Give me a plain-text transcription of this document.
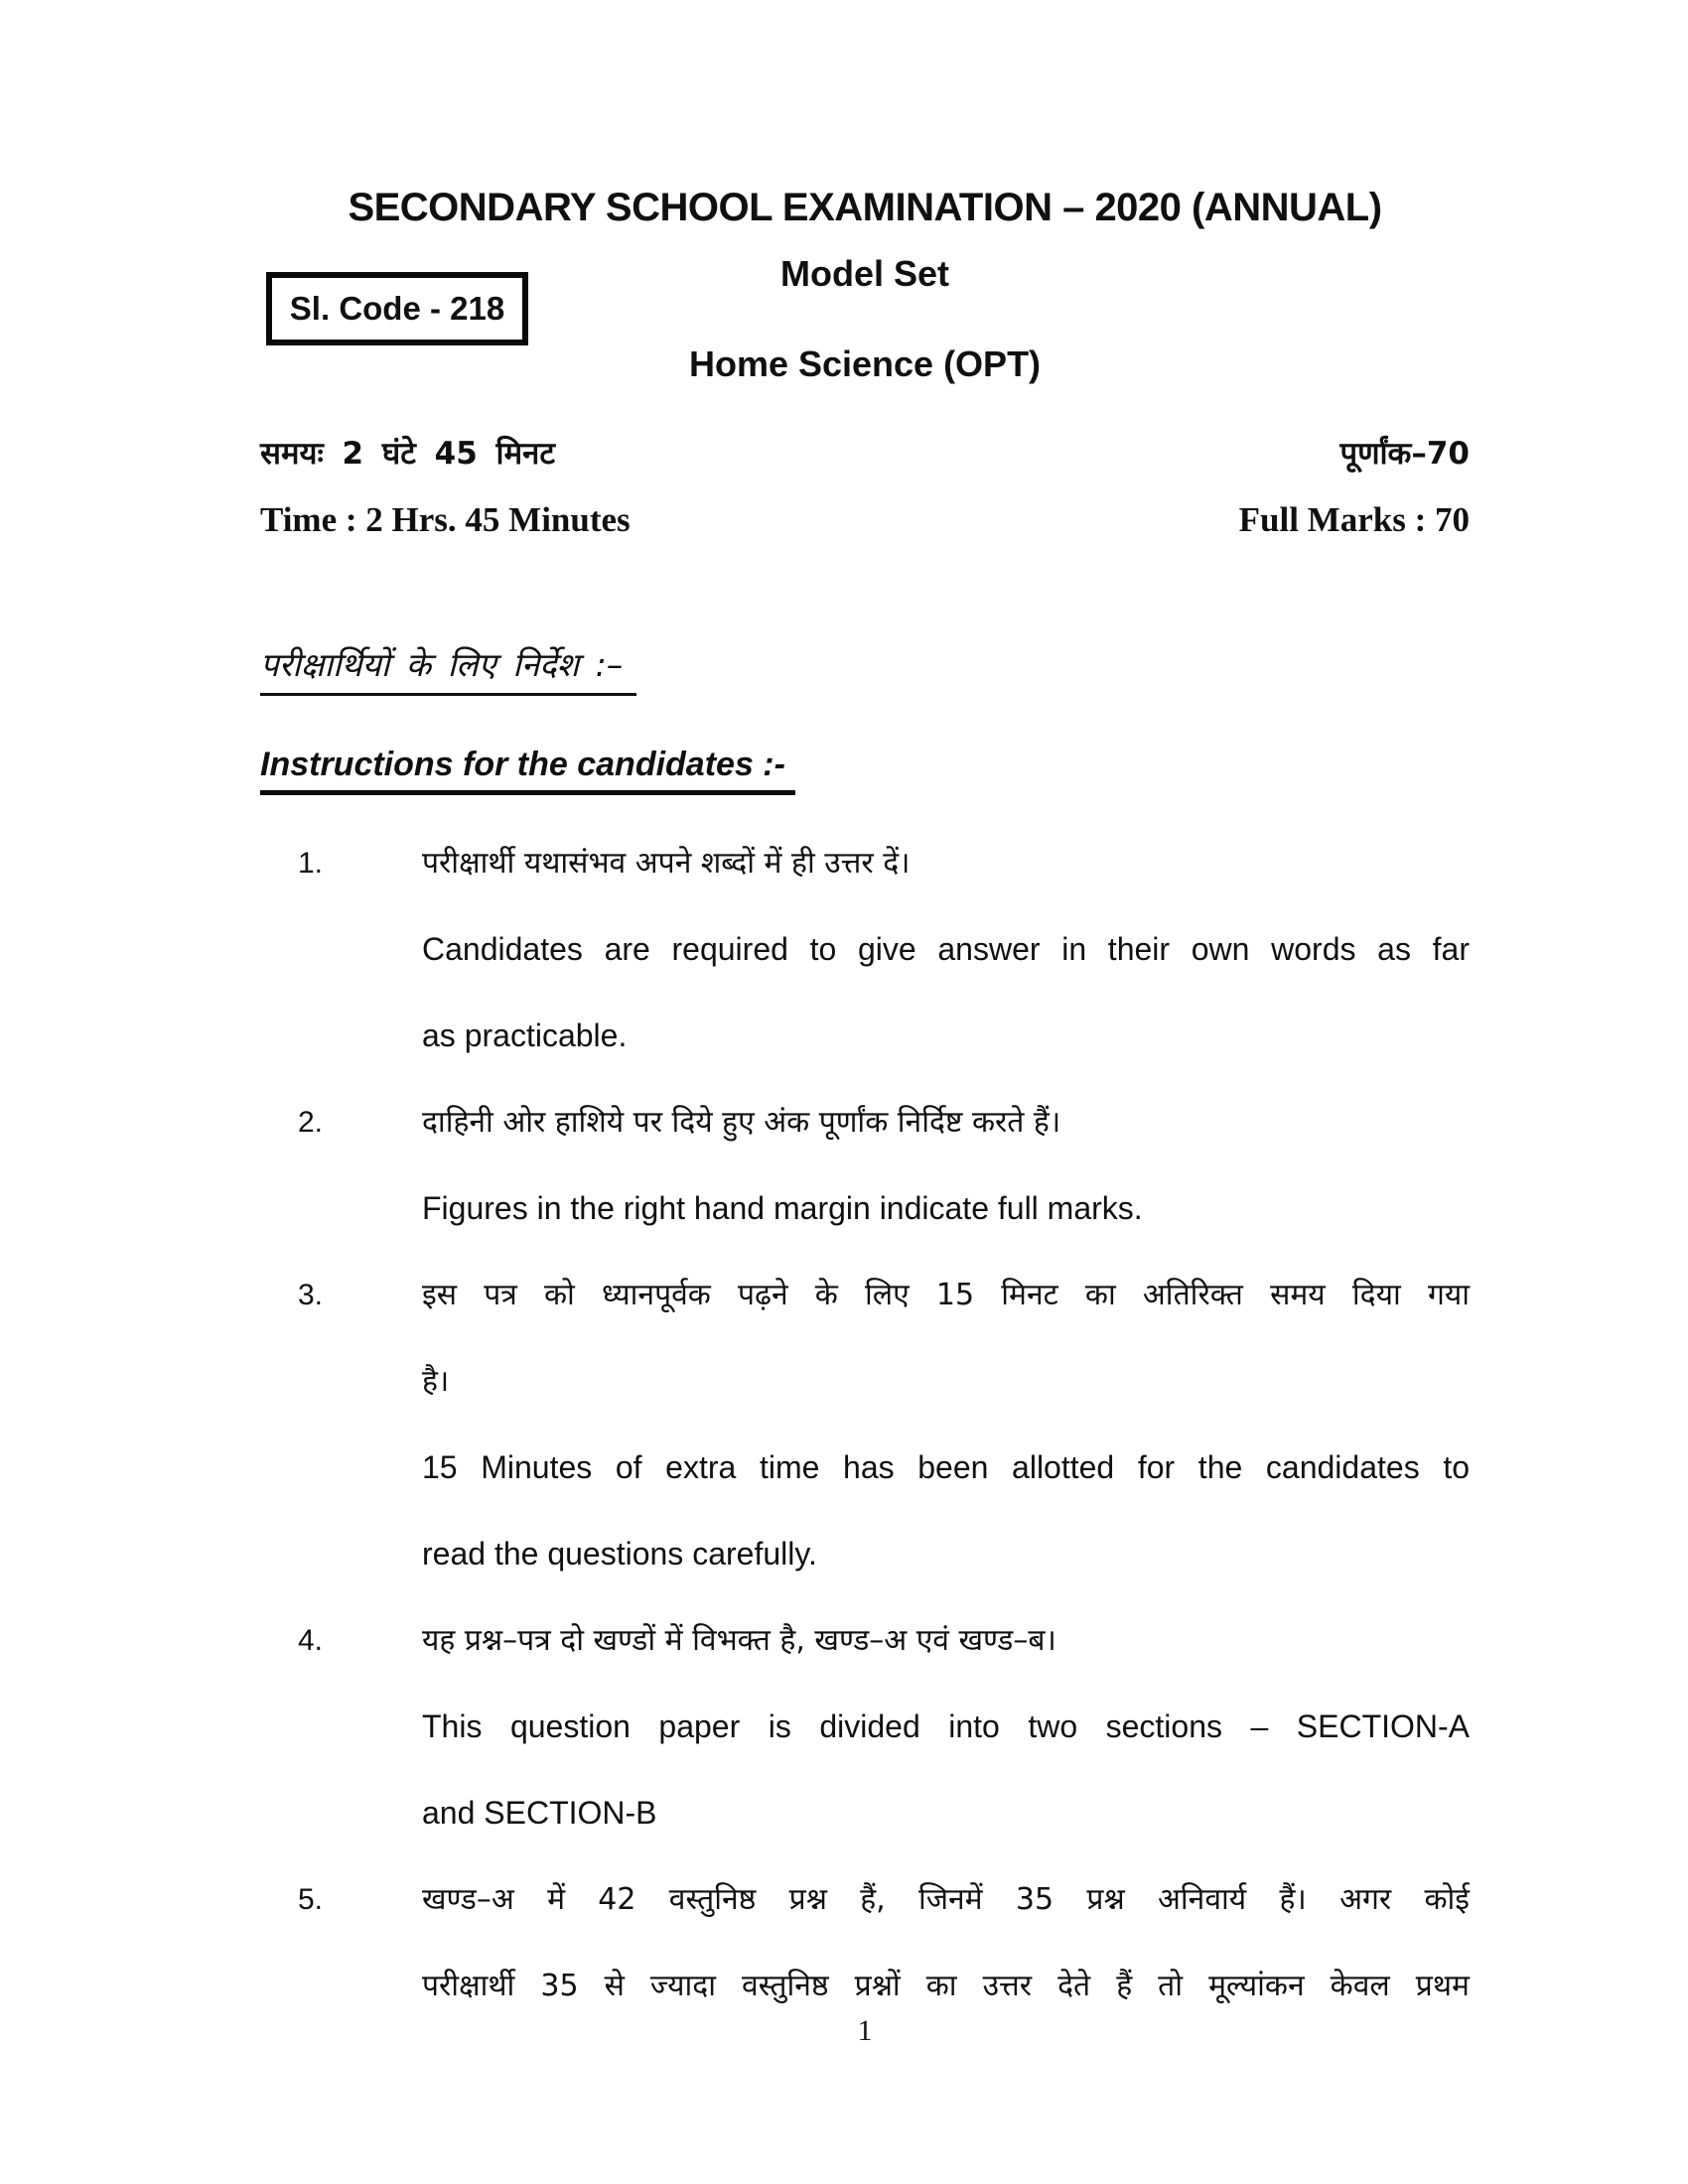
SECONDARY SCHOOL EXAMINATION – 2020 (ANNUAL)
Model Set
Sl. Code - 218
Home Science (OPT)
समयः 2 घंटे 45 मिनट	पूर्णांक–70
Time : 2 Hrs. 45 Minutes	Full Marks : 70
परीक्षार्थियों के लिए निर्देश :–
Instructions for the candidates :-
1.	परीक्षार्थी यथासंभव अपने शब्दों में ही उत्तर दें।
Candidates are required to give answer in their own words as far
as practicable.
2.	दाहिनी ओर हाशिये पर दिये हुए अंक पूर्णांक निर्दिष्ट करते हैं।
Figures in the right hand margin indicate full marks.
3.	इस पत्र को ध्यानपूर्वक पढ़ने के लिए 15 मिनट का अतिरिक्त समय दिया गया
है।
15 Minutes of extra time has been allotted for the candidates to
read the questions carefully.
4.	यह प्रश्न–पत्र दो खण्डों में विभक्त है, खण्ड–अ एवं खण्ड–ब।
This question paper is divided into two sections – SECTION-A
and SECTION-B
5.	खण्ड–अ में 42 वस्तुनिष्ठ प्रश्न हैं, जिनमें 35 प्रश्न अनिवार्य हैं। अगर कोई
परीक्षार्थी 35 से ज्यादा वस्तुनिष्ठ प्रश्नों का उत्तर देते हैं तो मूल्यांकन केवल प्रथम
1
